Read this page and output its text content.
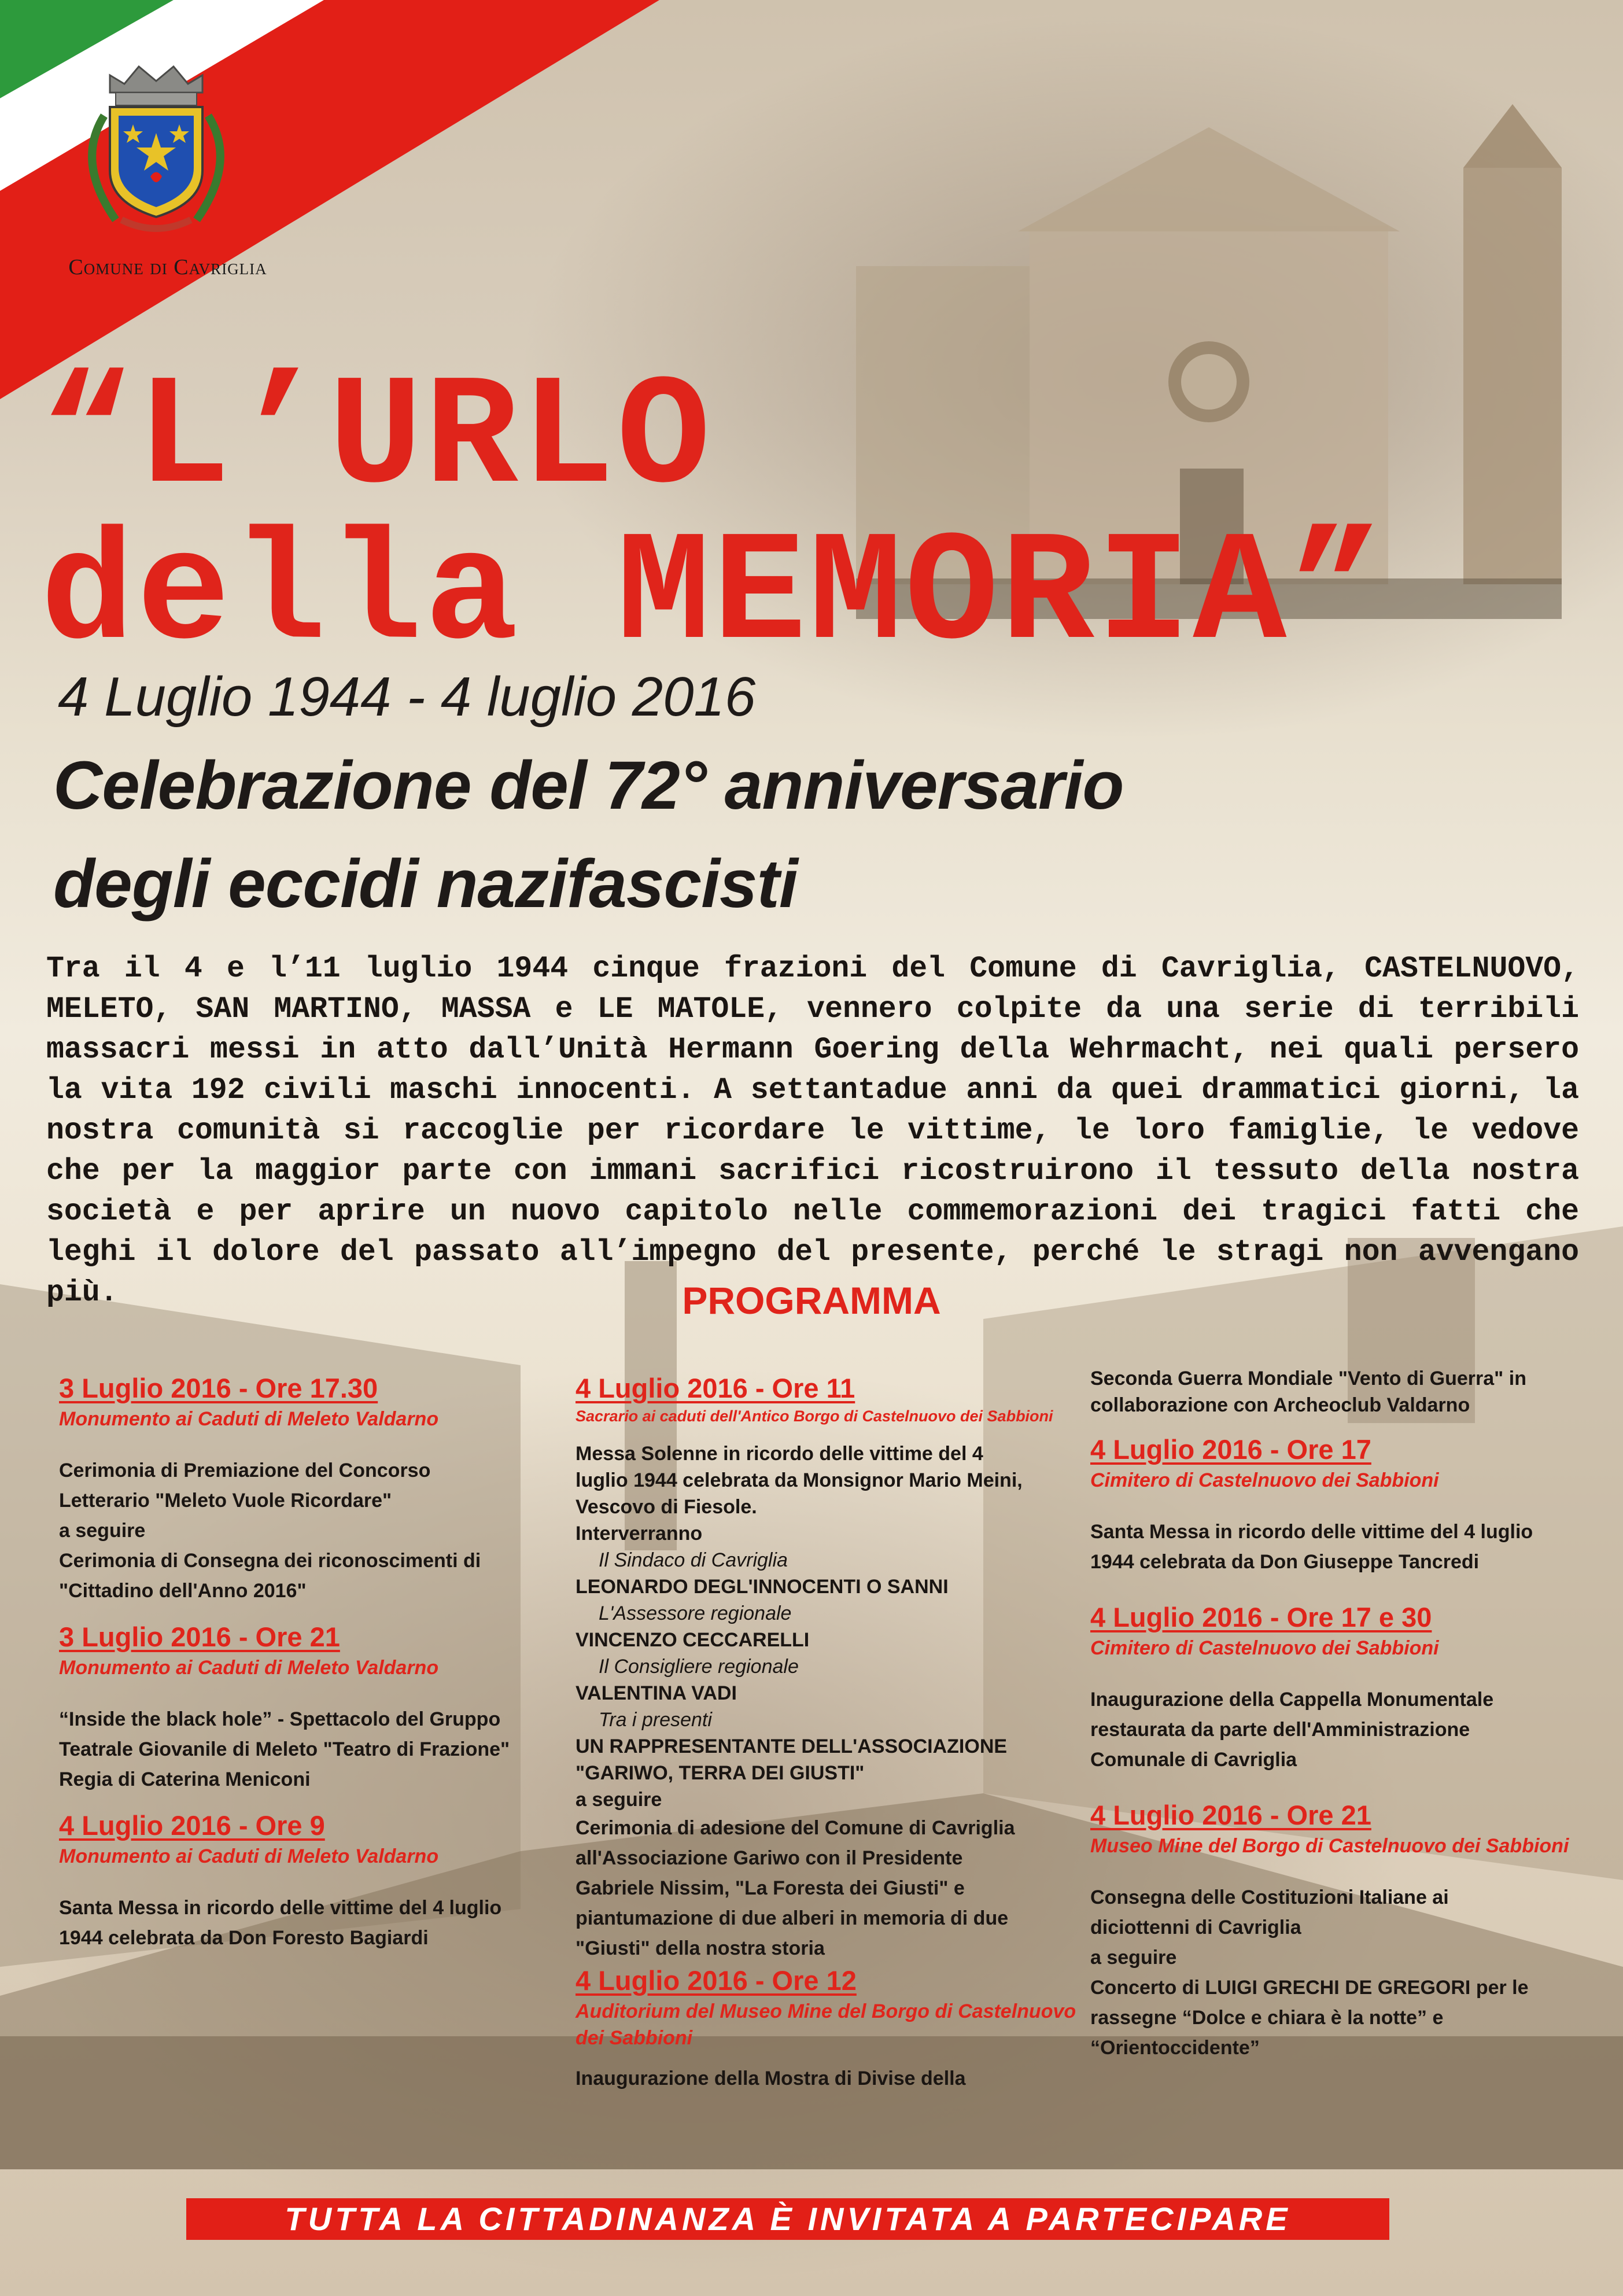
Comune di Cavriglia
“L’URLO
della MEMORIA”
4 Luglio 1944 - 4 luglio 2016
Celebrazione del 72° anniversario
degli eccidi nazifascisti
Tra il 4 e l’11 luglio 1944 cinque frazioni del Comune di Cavriglia, CASTELNUOVO, MELETO, SAN MARTINO, MASSA e LE MATOLE, vennero colpite da una serie di terribili massacri messi in atto dall’Unità Hermann Goering della Wehrmacht, nei quali persero la vita 192 civili maschi innocenti. A settantadue anni da quei drammatici giorni, la nostra comunità si raccoglie per ricordare le vittime, le loro famiglie, le vedove che per la maggior parte con immani sacrifici ricostruirono il tessuto della nostra società e per aprire un nuovo capitolo nelle commemorazioni dei tragici fatti che leghi il dolore del passato all’impegno del presente, perché le stragi non avvengano più.	PROGRAMMA
3 Luglio 2016 - Ore 17.30
Monumento ai Caduti di Meleto Valdarno
Cerimonia di Premiazione del Concorso
Letterario "Meleto Vuole Ricordare"
a seguire
Cerimonia di Consegna dei riconoscimenti di
"Cittadino dell'Anno 2016"
3 Luglio 2016 - Ore 21
Monumento ai Caduti di Meleto Valdarno
“Inside the black hole” - Spettacolo del Gruppo
Teatrale Giovanile di Meleto "Teatro di Frazione"
Regia di Caterina Meniconi
4 Luglio 2016 - Ore 9
Monumento ai Caduti di Meleto Valdarno
Santa Messa in ricordo delle vittime del 4 luglio
1944 celebrata da Don Foresto Bagiardi
4 Luglio 2016 - Ore 11
Sacrario ai caduti dell'Antico Borgo di Castelnuovo dei Sabbioni
Messa Solenne in ricordo delle vittime del 4
luglio 1944 celebrata da Monsignor Mario Meini,
Vescovo di Fiesole.
Interverranno
Il Sindaco di Cavriglia
LEONARDO DEGL'INNOCENTI O SANNI
L'Assessore regionale
VINCENZO CECCARELLI
Il Consigliere regionale
VALENTINA VADI
Tra i presenti
UN RAPPRESENTANTE DELL'ASSOCIAZIONE
"GARIWO, TERRA DEI GIUSTI"
a seguire
Cerimonia di adesione del Comune di Cavriglia
all'Associazione Gariwo con il Presidente
Gabriele Nissim, "La Foresta dei Giusti" e
piantumazione di due alberi in memoria di due
"Giusti" della nostra storia
4 Luglio 2016 - Ore 12
Auditorium del Museo Mine del Borgo di Castelnuovo dei Sabbioni
Inaugurazione della Mostra di Divise della
Seconda Guerra Mondiale "Vento di Guerra" in
collaborazione con Archeoclub Valdarno
4 Luglio 2016 - Ore 17
Cimitero di Castelnuovo dei Sabbioni
Santa Messa in ricordo delle vittime del 4 luglio
1944 celebrata da Don Giuseppe Tancredi
4 Luglio 2016 - Ore 17 e 30
Cimitero di Castelnuovo dei Sabbioni
Inaugurazione della Cappella Monumentale
restaurata da parte dell'Amministrazione
Comunale di Cavriglia
4 Luglio 2016 - Ore 21
Museo Mine del Borgo di Castelnuovo dei Sabbioni
Consegna delle Costituzioni Italiane ai
diciottenni di Cavriglia
a seguire
Concerto di LUIGI GRECHI DE GREGORI per le
rassegne “Dolce e chiara è la notte” e
“Orientoccidente”
TUTTA LA CITTADINANZA È INVITATA A PARTECIPARE
